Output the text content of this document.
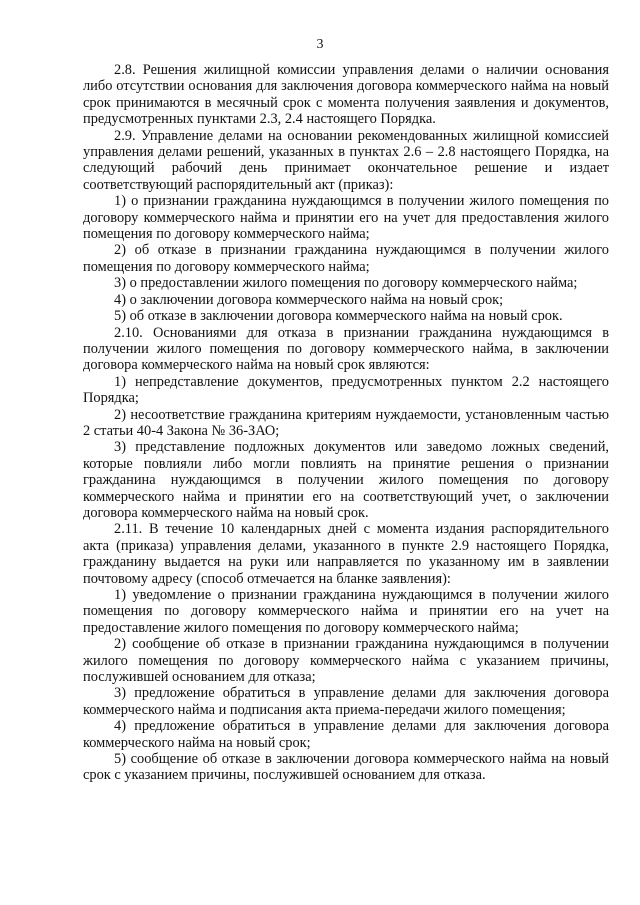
3

2.8. Решения жилищной комиссии управления делами о наличии основания либо отсутствии основания для заключения договора коммерческого найма на новый срок принимаются в месячный срок с момента получения заявления и документов, предусмотренных пунктами 2.3, 2.4 настоящего Порядка.

2.9. Управление делами на основании рекомендованных жилищной комиссией управления делами решений, указанных в пунктах 2.6 – 2.8 настоящего Порядка, на следующий рабочий день принимает окончательное решение и издает соответствующий распорядительный акт (приказ):

1) о признании гражданина нуждающимся в получении жилого помещения по договору коммерческого найма и принятии его на учет для предоставления жилого помещения по договору коммерческого найма;

2) об отказе в признании гражданина нуждающимся в получении жилого помещения по договору коммерческого найма;

3) о предоставлении жилого помещения по договору коммерческого найма;

4) о заключении договора коммерческого найма на новый срок;

5) об отказе в заключении договора коммерческого найма на новый срок.

2.10. Основаниями для отказа в признании гражданина нуждающимся в получении жилого помещения по договору коммерческого найма, в заключении договора коммерческого найма на новый срок являются:

1) непредставление документов, предусмотренных пунктом 2.2 настоящего Порядка;

2) несоответствие гражданина критериям нуждаемости, установленным частью 2 статьи 40-4 Закона № 36-ЗАО;

3) представление подложных документов или заведомо ложных сведений, которые повлияли либо могли повлиять на принятие решения о признании гражданина нуждающимся в получении жилого помещения по договору коммерческого найма и принятии его на соответствующий учет, о заключении договора коммерческого найма на новый срок.

2.11. В течение 10 календарных дней с момента издания распорядительного акта (приказа) управления делами, указанного в пункте 2.9 настоящего Порядка, гражданину выдается на руки или направляется по указанному им в заявлении почтовому адресу (способ отмечается на бланке заявления):

1) уведомление о признании гражданина нуждающимся в получении жилого помещения по договору коммерческого найма и принятии его на учет на предоставление жилого помещения по договору коммерческого найма;

2) сообщение об отказе в признании гражданина нуждающимся в получении жилого помещения по договору коммерческого найма с указанием причины, послужившей основанием для отказа;

3) предложение обратиться в управление делами для заключения договора коммерческого найма и подписания акта приема-передачи жилого помещения;

4) предложение обратиться в управление делами для заключения договора коммерческого найма на новый срок;

5) сообщение об отказе в заключении договора коммерческого найма на новый срок с указанием причины, послужившей основанием для отказа.
